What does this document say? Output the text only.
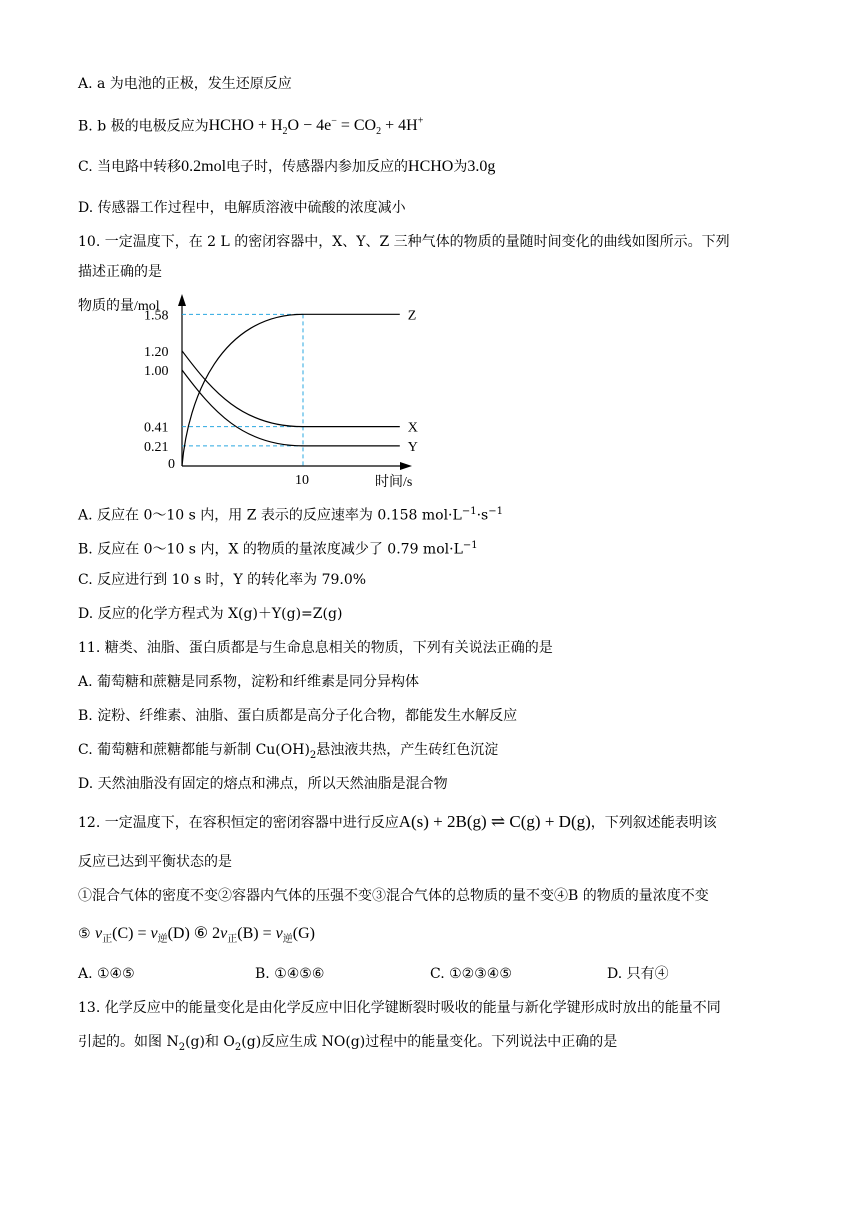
A. a 为电池的正极，发生还原反应
B. b 极的电极反应为HCHO + $H_2O - 4e^- = CO_2 + 4H^+$
C. 当电路中转移0.2mol电子时，传感器内参加反应的HCHO为3.0g
D. 传感器工作过程中，电解质溶液中硫酸的浓度减小
10. 一定温度下，在 2 L 的密闭容器中，X、Y、Z 三种气体的物质的量随时间变化的曲线如图所示。下列
描述正确的是
物质的量/mol
时间/s
1.58
1.20
1.00
0.41
0.21
0
10
Z
X
Y
A. 反应在 0～10 s 内，用 Z 表示的反应速率为 0.158 $mol\cdot L^{-1}\cdot s^{-1}$
B. 反应在 0～10 s 内，X 的物质的量浓度减少了 0.79 $mol\cdot L^{-1}$
C. 反应进行到 10 s 时，Y 的转化率为 79.0%
D. 反应的化学方程式为 X(g)＋Y(g)=Z(g)
11. 糖类、油脂、蛋白质都是与生命息息相关的物质，下列有关说法正确的是
A. 葡萄糖和蔗糖是同系物，淀粉和纤维素是同分异构体
B. 淀粉、纤维素、油脂、蛋白质都是高分子化合物，都能发生水解反应
C. 葡萄糖和蔗糖都能与新制 $Cu(OH)_2$悬浊液共热，产生砖红色沉淀
D. 天然油脂没有固定的熔点和沸点，所以天然油脂是混合物
12. 一定温度下，在容积恒定的密闭容器中进行反应A(s) + 2B(g) ⇌ C(g) + D(g)，下列叙述能表明该
反应已达到平衡状态的是
①混合气体的密度不变②容器内气体的压强不变③混合气体的总物质的量不变④B 的物质的量浓度不变
⑤ $v_正(C) = v_逆(D)$ ⑥ $2v_正(B) = v_逆(G)$
A. ①④⑤	B. ①④⑤⑥	C. ①②③④⑤	D. 只有④
13. 化学反应中的能量变化是由化学反应中旧化学键断裂时吸收的能量与新化学键形成时放出的能量不同
引起的。如图 $N_2(g)$和 $O_2(g)$反应生成 NO(g)过程中的能量变化。下列说法中正确的是
